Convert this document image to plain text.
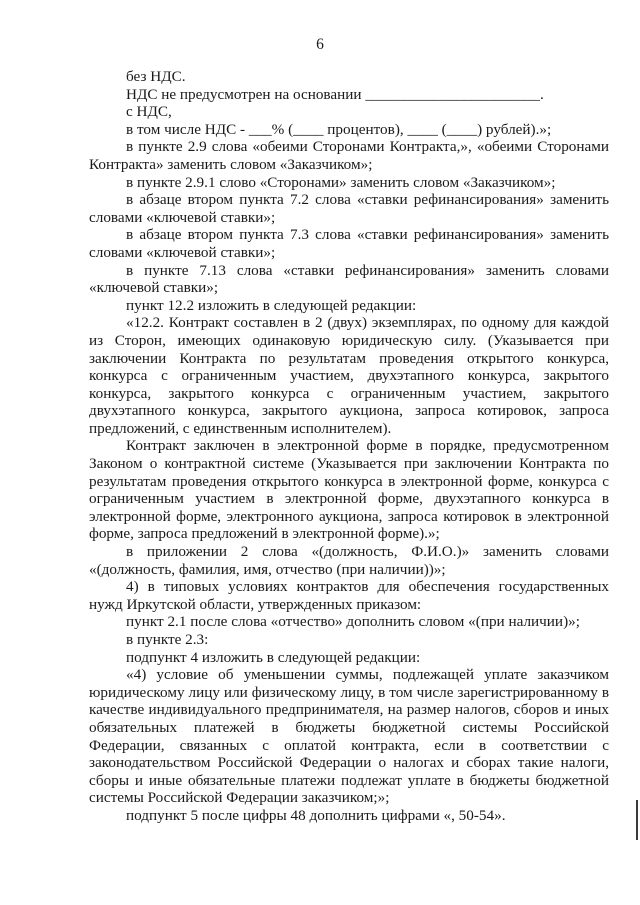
6

без НДС.

НДС не предусмотрен на основании _______________________.

с НДС,

в том числе НДС - ___% (____ процентов), ____ (____) рублей).»;

в пункте 2.9 слова «обеими Сторонами Контракта,», «обеими Сторонами Контракта» заменить словом «Заказчиком»;

в пункте 2.9.1 слово «Сторонами» заменить словом «Заказчиком»;

в абзаце втором пункта 7.2 слова «ставки рефинансирования» заменить словами «ключевой ставки»;

в абзаце втором пункта 7.3 слова «ставки рефинансирования» заменить словами «ключевой ставки»;

в пункте 7.13 слова «ставки рефинансирования» заменить словами «ключевой ставки»;

пункт 12.2 изложить в следующей редакции:

«12.2. Контракт составлен в 2 (двух) экземплярах, по одному для каждой из Сторон, имеющих одинаковую юридическую силу. (Указывается при заключении Контракта по результатам проведения открытого конкурса, конкурса с ограниченным участием, двухэтапного конкурса, закрытого конкурса, закрытого конкурса с ограниченным участием, закрытого двухэтапного конкурса, закрытого аукциона, запроса котировок, запроса предложений, с единственным исполнителем).

Контракт заключен в электронной форме в порядке, предусмотренном Законом о контрактной системе (Указывается при заключении Контракта по результатам проведения открытого конкурса в электронной форме, конкурса с ограниченным участием в электронной форме, двухэтапного конкурса в электронной форме, электронного аукциона, запроса котировок в электронной форме, запроса предложений в электронной форме).»;

в приложении 2 слова «(должность, Ф.И.О.)» заменить словами «(должность, фамилия, имя, отчество (при наличии))»;

4) в типовых условиях контрактов для обеспечения государственных нужд Иркутской области, утвержденных приказом:

пункт 2.1 после слова «отчество» дополнить словом «(при наличии)»;

в пункте 2.3:

подпункт 4 изложить в следующей редакции:

«4) условие об уменьшении суммы, подлежащей уплате заказчиком юридическому лицу или физическому лицу, в том числе зарегистрированному в качестве индивидуального предпринимателя, на размер налогов, сборов и иных обязательных платежей в бюджеты бюджетной системы Российской Федерации, связанных с оплатой контракта, если в соответствии с законодательством Российской Федерации о налогах и сборах такие налоги, сборы и иные обязательные платежи подлежат уплате в бюджеты бюджетной системы Российской Федерации заказчиком;»;

подпункт 5 после цифры 48 дополнить цифрами «, 50-54».
